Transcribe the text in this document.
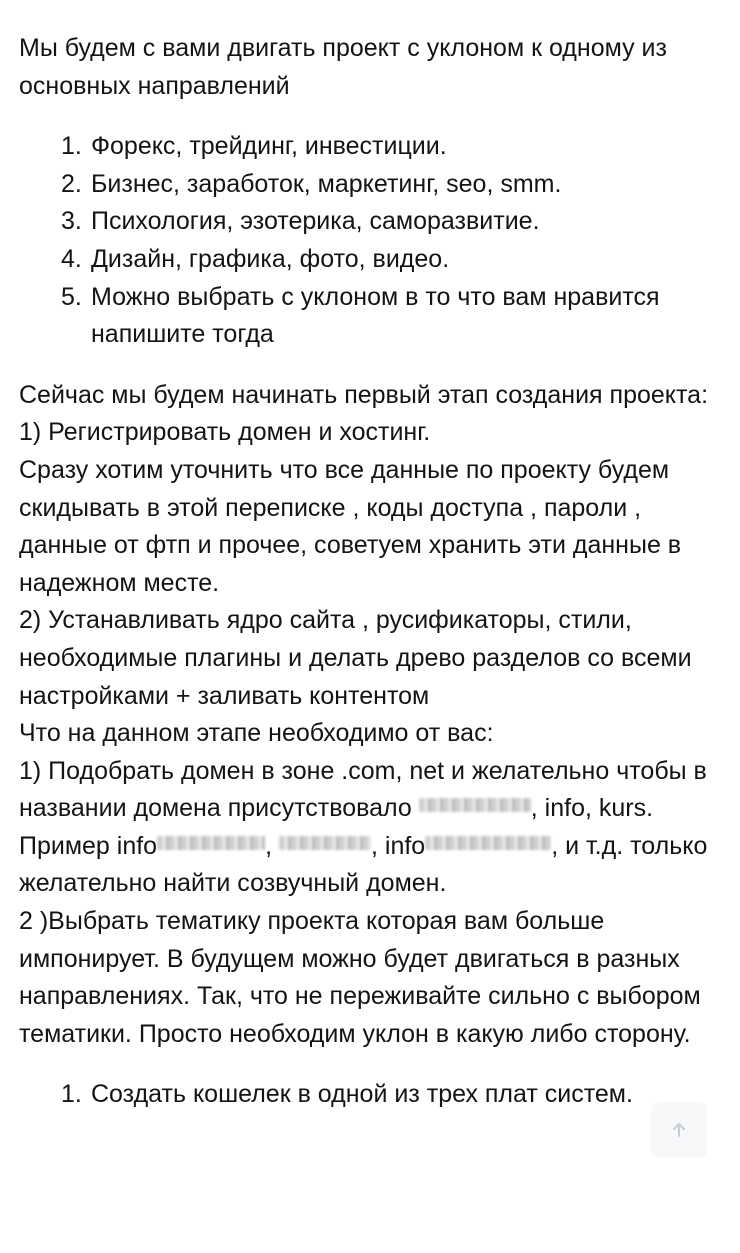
Мы будем с вами двигать проект с уклоном к одному из основных направлений

1. Форекс, трейдинг, инвестиции.
2. Бизнес, заработок, маркетинг, seo, smm.
3. Психология, эзотерика, саморазвитие.
4. Дизайн, графика, фото, видео.
5. Можно выбрать с уклоном в то что вам нравится напишите тогда

Сейчас мы будем начинать первый этап создания проекта:

1) Регистрировать домен и хостинг.

Сразу хотим уточнить что все данные по проекту будем скидывать в этой переписке , коды доступа , пароли , данные от фтп и прочее, советуем хранить эти данные в надежном месте.

2) Устанавливать ядро сайта , русификаторы, стили, необходимые плагины и делать древо разделов со всеми настройками + заливать контентом

Что на данном этапе необходимо от вас:

1) Подобрать домен в зоне .com, net и желательно чтобы в названии домена присутствовало	, info, kurs. Пример info	,	, info	, и т.д. только желательно найти созвучный домен.

2 )Выбрать тематику проекта которая вам больше импонирует. В будущем можно будет двигаться в разных направлениях. Так, что не переживайте сильно с выбором тематики. Просто необходим уклон в какую либо сторону.

1. Создать кошелек в одной из трех плат систем.
